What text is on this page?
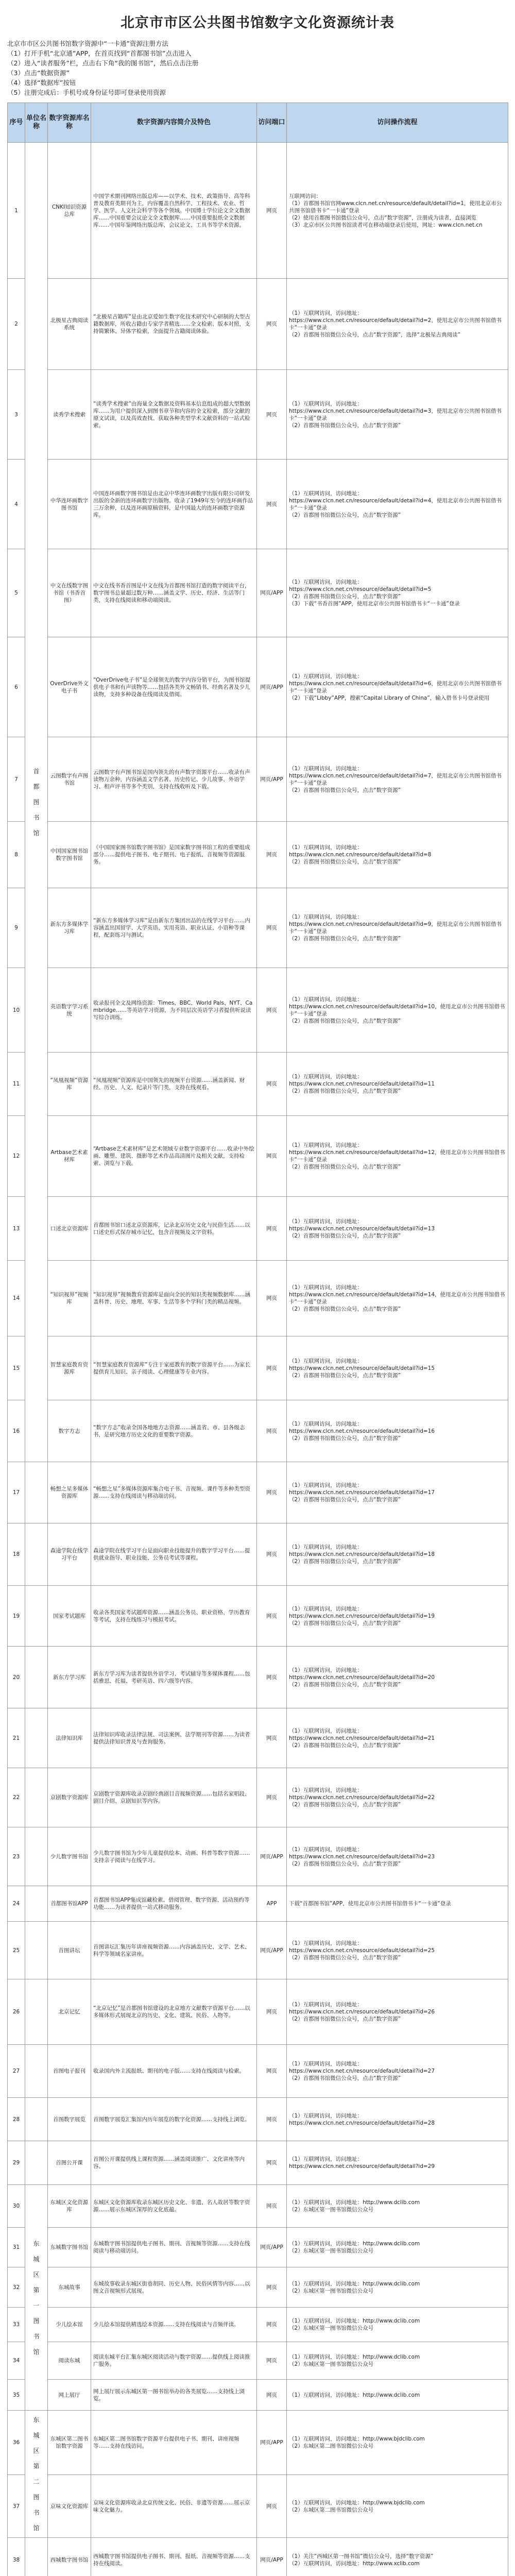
北京市市区公共图书馆数字文化资源统计表
北京市市区公共图书馆数字资源中“一卡通”资源注册方法
（1）打开手机“北京通”APP，在首页找到“首都图书馆”点击进入
（2）进入“读者服务”栏，点击右下角“我的图书馆”，然后点击注册
（3）点击“数据资源”
（4）选择“数据库”按钮
（5）注册完成后：手机号或身份证号即可登录使用资源
序号	单位名称	数字资源库名称	数字资源内容简介及特色	访问端口	访问操作流程
1	首都图书馆	CNKI知识资源总库	中国学术期刊网络出版总库——以学术、技术、政策指导、高等科普及教育类期刊为主，内容覆盖自然科学、工程技术、农业、哲学、医学、人文社会科学等各个领域。中国博士学位论文全文数据库……中国重要会议论文全文数据库……中国重要报纸全文数据库……中国年鉴网络出版总库，会议论文、工具书等学术资源。	网页	互联网访问：
（1）首都图书馆官网www.clcn.net.cn/resource/default/detail?id=1，使用北京市公共图书馆借书卡“一卡通”登录
（2）使用首都图书馆微信公众号，点击“数字资源”，注册成为读者，直接浏览
（3）北京市区公共图书馆读者可在移动端登录后使用，网址：www.clcn.net.cn
2		北极星古典阅读系统	“北极星古籍库”是由北京爱如生数字化技术研究中心研制的大型古籍数据库，所收古籍由专家学者精选……全文检索、版本对照，支持简繁体、异体字检索，全面提升古籍阅读体验。	网页	（1）互联网访问，访问地址：
https://www.clcn.net.cn/resource/default/detail?id=2，使用北京市公共图书馆借书卡“一卡通”登录
（2）首都图书馆微信公众号，点击“数字资源”，选择“北极星古典阅读”
3		读秀学术搜索	“读秀学术搜索”由海量全文数据及资料基本信息组成的超大型数据库……为用户提供深入到图书章节和内容的全文检索，部分文献的原文试读，以及高效查找、获取各种类型学术文献资料的一站式检索。	网页	（1）互联网访问，访问地址：
https://www.clcn.net.cn/resource/default/detail?id=3，使用北京市公共图书馆借书卡“一卡通”登录
（2）首都图书馆微信公众号，点击“数字资源”
4		中华连环画数字图书馆	中国连环画数字图书馆是由北京中华连环画数字出版有限公司研发出版的全新的连环画数字出版物。收录了1949年至今的连环画作品三万余种，以及连环画原稿资料，是中国最大的连环画数字资源库。	网页	（1）互联网访问，访问地址：
https://www.clcn.net.cn/resource/default/detail?id=4，使用北京市公共图书馆借书卡“一卡通”登录
（2）首都图书馆微信公众号，点击“数字资源”
5		中文在线数字图书馆（书香首图）	中文在线书香首图是中文在线为首都图书馆打造的数字阅读平台，数字图书总量超过数万种……涵盖文学、历史、经济、生活等门类，支持在线阅读和移动端阅读。	网页/APP	（1）互联网访问，访问地址：
https://www.clcn.net.cn/resource/default/detail?id=5
（2）首都图书馆微信公众号，点击“数字资源”
（3）下载“书香首图”APP，使用北京市公共图书馆借书卡“一卡通”登录
6		OverDrive外文电子书	“OverDrive电子书”是全球领先的数字内容分销平台，为图书馆提供电子书和有声读物等……包括各类外文畅销书、经典名著及少儿读物，支持多种设备在线阅读及借阅。	网页/APP	（1）互联网访问，访问地址：
https://www.clcn.net.cn/resource/default/detail?id=6，使用北京市公共图书馆借书卡“一卡通”登录
（2）下载“Libby”APP，搜索“Capital Library of China”，输入借书卡号登录使用
7		云图数字有声图书馆	云图数字有声图书馆是国内领先的有声数字资源平台……收录有声读物万余种，内容涵盖文学名著、历史传记、少儿故事、外语学习、相声评书等多个类别，支持在线收听及下载。	网页/APP	（1）互联网访问，访问地址：
https://www.clcn.net.cn/resource/default/detail?id=7，使用北京市公共图书馆借书卡“一卡通”登录
（2）首都图书馆微信公众号，点击“数字资源”
8		中国国家图书馆数字图书馆	《中国国家图书馆数字图书馆》是国家数字图书馆工程的重要组成部分……提供电子图书、电子期刊、电子报纸、音视频等资源服务。	网页	（1）互联网访问，访问地址：
https://www.clcn.net.cn/resource/default/detail?id=8
（2）首都图书馆微信公众号，点击“数字资源”
9		新东方多媒体学习库	“新东方多媒体学习库”是由新东方集团出品的在线学习平台……内容涵盖出国留学、大学英语、实用英语、职业认证、小语种等课程，配套练习与测试。	网页	（1）互联网访问，访问地址：
https://www.clcn.net.cn/resource/default/detail?id=9，使用北京市公共图书馆借书卡“一卡通”登录
（2）首都图书馆微信公众号，点击“数字资源”
10		英语数字学习系统	收录报刊全文及网络资源：Times、BBC、World Pals、NYT、Cambridge……等英语学习资源，为不同层次英语学习者提供听说读写综合训练。	网页	（1）互联网访问，访问地址：
https://www.clcn.net.cn/resource/default/detail?id=10，使用北京市公共图书馆借书卡“一卡通”登录
（2）首都图书馆微信公众号，点击“数字资源”
11		“凤凰视频”资源库	“凤凰视频”资源库是中国领先的视频平台资源……涵盖新闻、财经、历史、人文、纪录片等门类，支持在线观看。	网页	（1）互联网访问，访问地址：
https://www.clcn.net.cn/resource/default/detail?id=11
（2）首都图书馆微信公众号，点击“数字资源”
12		Artbase艺术素材库	“Artbase艺术素材库”是艺术领域专业数字资源平台……收录中外绘画、雕塑、建筑、摄影等艺术作品高清图片及相关文献，支持检索、浏览与下载。	网页	（1）互联网访问，访问地址：
https://www.clcn.net.cn/resource/default/detail?id=12，使用北京市公共图书馆借书卡“一卡通”登录
（2）首都图书馆微信公众号，点击“数字资源”
13		口述北京资源库	首都图书馆口述北京资源库，记录北京历史文化与民俗生活……以口述史形式保存城市记忆，包含音视频及文字资料。	网页	（1）互联网访问，访问地址：
https://www.clcn.net.cn/resource/default/detail?id=13
（2）首都图书馆微信公众号，点击“数字资源”
14		“知识视界”视频库	“知识视界”视频教育资源库是面向全民的知识类视频数据库……涵盖科普、历史、地理、军事、生活等多个学科门类的精品视频。	网页	（1）互联网访问，访问地址：
https://www.clcn.net.cn/resource/default/detail?id=14，使用北京市公共图书馆借书卡“一卡通”登录
（2）首都图书馆微信公众号，点击“数字资源”
15		智慧家庭教育资源库	“智慧家庭教育资源库”专注于家庭教育的数字资源平台……为家长提供育儿知识、亲子阅读、心理健康等专业内容。	网页	（1）互联网访问，访问地址：
https://www.clcn.net.cn/resource/default/detail?id=15
（2）首都图书馆微信公众号，点击“数字资源”
16		数字方志	“数字方志”收录全国各地地方志资源……涵盖省、市、县各级志书，是研究地方历史文化的重要数字资源。	网页	（1）互联网访问，访问地址：
https://www.clcn.net.cn/resource/default/detail?id=16
（2）首都图书馆微信公众号，点击“数字资源”
17		畅想之星多媒体资源库	“畅想之星”多媒体资源库集合电子书、音视频、课件等多种类型资源……支持在线阅读与移动端访问。	网页	（1）互联网访问，访问地址：
https://www.clcn.net.cn/resource/default/detail?id=17
（2）首都图书馆微信公众号，点击“数字资源”
18		森途学院在线学习平台	森途学院在线学习平台是面向职业技能提升的数字学习平台……提供就业指导、职业技能、公务员考试等课程。	网页	（1）互联网访问，访问地址：
https://www.clcn.net.cn/resource/default/detail?id=18
（2）首都图书馆微信公众号，点击“数字资源”
19		国家考试题库	收录各类国家考试题库资源……涵盖公务员、职业资格、学历教育等考试，支持在线练习与模拟考试。	网页	（1）互联网访问，访问地址：
https://www.clcn.net.cn/resource/default/detail?id=19
（2）首都图书馆微信公众号，点击“数字资源”
20		新东方学习库	新东方学习库为读者提供外语学习、考试辅导等多媒体课程……包括雅思、托福、考研英语、四六级等内容。	网页	（1）互联网访问，访问地址：
https://www.clcn.net.cn/resource/default/detail?id=20
（2）首都图书馆微信公众号，点击“数字资源”
21		法律知识库	法律知识库收录法律法规、司法案例、法学期刊等资源……为读者提供法律知识普及与查询服务。	网页	（1）互联网访问，访问地址：
https://www.clcn.net.cn/resource/default/detail?id=21
（2）首都图书馆微信公众号，点击“数字资源”
22		京剧数字资源库	京剧数字资源库收录京剧经典剧目音视频资源……包括名家唱段、剧目介绍、京剧知识等内容。	网页	（1）互联网访问，访问地址：
https://www.clcn.net.cn/resource/default/detail?id=22
（2）首都图书馆微信公众号，点击“数字资源”
23		少儿数字图书馆	少儿数字图书馆为少年儿童提供绘本、动画、科普等数字资源……支持亲子阅读与在线学习。	网页/APP	（1）互联网访问，访问地址：
https://www.clcn.net.cn/resource/default/detail?id=23
（2）首都图书馆微信公众号，点击“数字资源”
24		首都图书馆APP	首都图书馆APP集成馆藏检索、借阅管理、数字资源、活动预约等功能……为读者提供一站式移动服务。	APP	下载“首都图书馆”APP，使用北京市公共图书馆借书卡“一卡通”登录
25		首图讲坛	首图讲坛汇集历年讲座视频资源……内容涵盖历史、文学、艺术、科学等领域名家讲座。	网页/APP	（1）互联网访问，访问地址：
https://www.clcn.net.cn/resource/default/detail?id=25
（2）首都图书馆微信公众号，点击“数字资源”
26		北京记忆	“北京记忆”是首都图书馆建设的北京地方文献数字资源平台……以多媒体形式展现北京的历史、文化、建筑、民俗、人物等。	网页	（1）互联网访问，访问地址：
https://www.clcn.net.cn/resource/default/detail?id=26
（2）首都图书馆微信公众号，点击“数字资源”
27		首图电子报刊	收录国内外主流报纸、期刊的电子版……支持在线阅读与检索。	网页	（1）互联网访问，访问地址：
https://www.clcn.net.cn/resource/default/detail?id=27
（2）首都图书馆微信公众号，点击“数字资源”
28		首图数字展览	首图数字展览汇集馆内历年展览的数字化资源……支持线上浏览。	网页	（1）互联网访问，访问地址：
https://www.clcn.net.cn/resource/default/detail?id=28
29		首图公开课	首图公开课提供线上课程资源……涵盖阅读推广、文化讲座等内容。	网页	（1）互联网访问，访问地址：
https://www.clcn.net.cn/resource/default/detail?id=29
30	东城区第一图书馆	东城区文化资源库	东城区文化资源库收录东城区历史文化、非遗、名人故居等数字资源……展示东城区深厚的文化底蕴。	网页	（1）互联网访问，访问地址：http://www.dclib.com
（2）东城区第一图书馆微信公众号
31		东城数字图书馆	东城数字图书馆提供电子图书、期刊、音视频等资源……支持在线阅读与移动端访问。	网页/APP	（1）互联网访问，访问地址：http://www.dclib.com
（2）东城区第一图书馆微信公众号
32		东城故事	东城故事收录东城区街巷胡同、历史人物、民俗风情等内容……以图文音视频形式展现。	网页	（1）互联网访问，访问地址：http://www.dclib.com
（2）东城区第一图书馆微信公众号
33		少儿绘本馆	少儿绘本馆提供精选绘本资源……支持在线阅读与音频伴读。	网页	（1）互联网访问，访问地址：http://www.dclib.com
（2）东城区第一图书馆微信公众号
34		阅读东城	阅读东城平台汇集东城区阅读活动与数字资源……提供线上阅读推广服务。	网页	（1）互联网访问，访问地址：http://www.dclib.com
（2）东城区第一图书馆微信公众号
35		网上展厅	网上展厅展示东城区第一图书馆举办的各类展览……支持线上浏览。	网页	（1）互联网访问，访问地址：http://www.dclib.com
36	东城区第二图书馆	东城区第二图书馆数字资源	东城区第二图书馆数字资源平台提供电子书、期刊、讲座视频等……支持在线访问。	网页/APP	（1）互联网访问，访问地址：http://www.bjdclib.com
（2）东城区第二图书馆微信公众号
37		京味文化资源库	京味文化资源库收录北京传统文化、民俗、非遗等资源……展示京味文化魅力。	网页	（1）互联网访问，访问地址：http://www.bjdclib.com
（2）东城区第二图书馆微信公众号
38		西城数字图书馆	西城数字图书馆提供电子图书、期刊、报纸、音视频等资源……支持在线阅读。	网页/APP	（1）关注“西城区第一图书馆”微信公众号，选择“数字资源”
（2）互联网访问，访问地址：http://www.xclib.com
